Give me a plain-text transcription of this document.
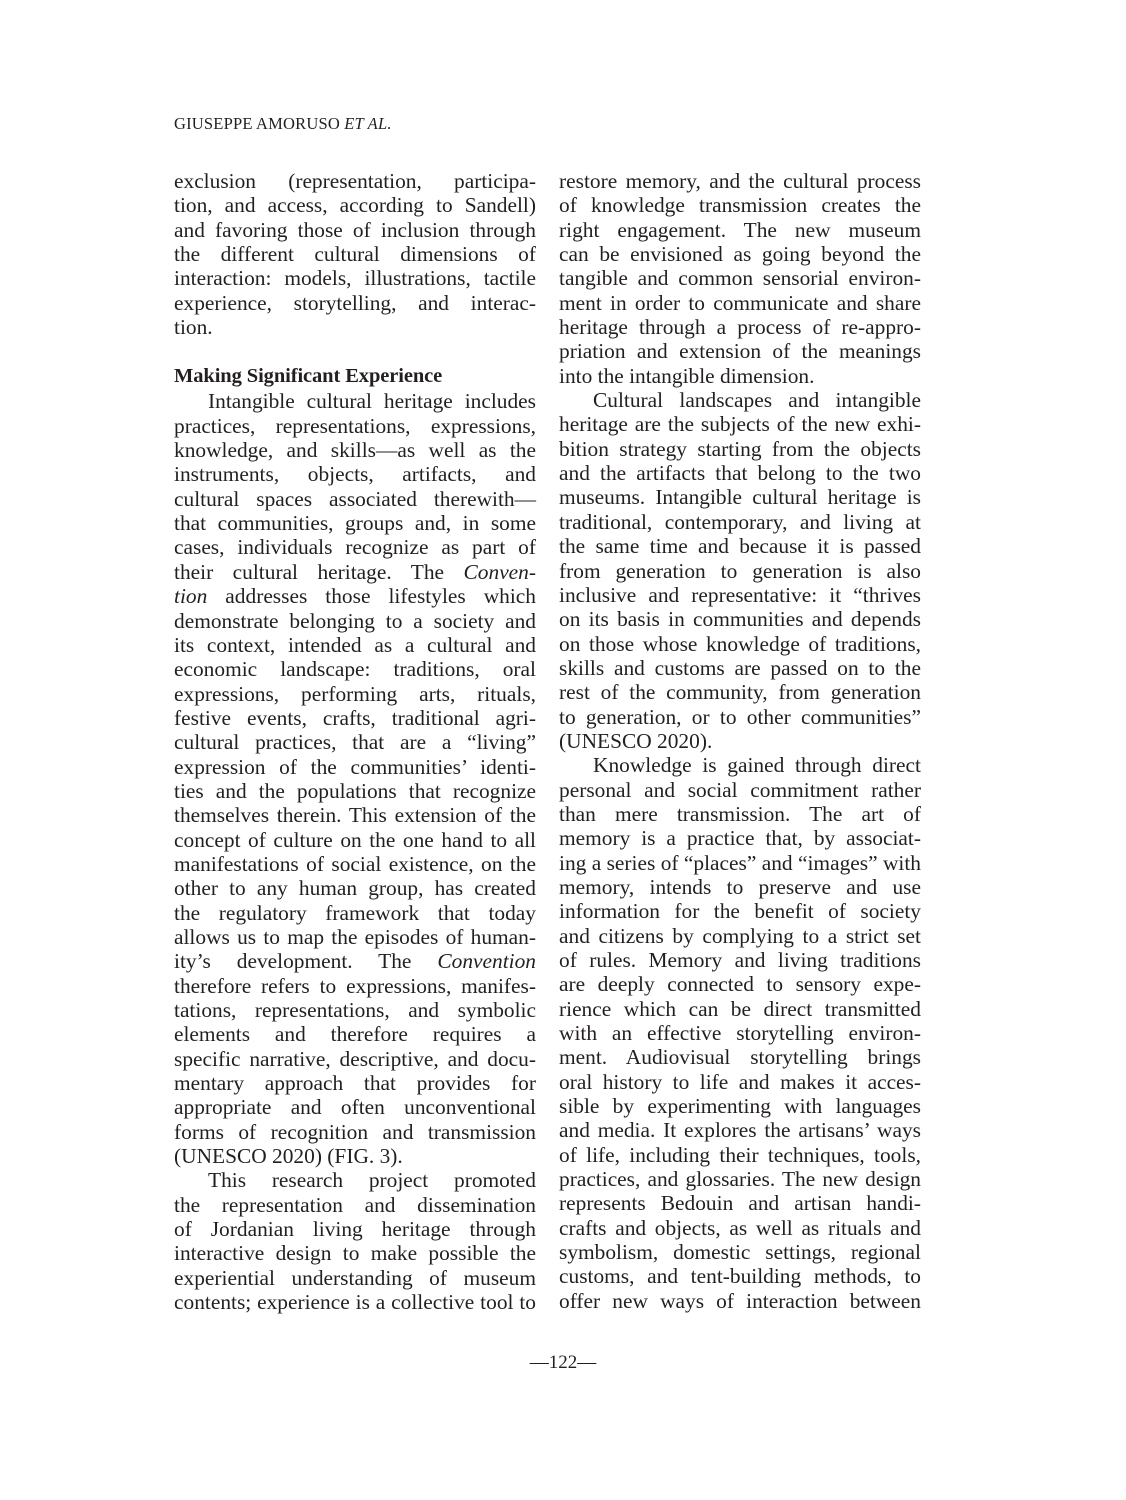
GIUSEPPE AMORUSO ET AL.
exclusion (representation, participa-
tion, and access, according to Sandell)
and favoring those of inclusion through
the different cultural dimensions of
interaction: models, illustrations, tactile
experience, storytelling, and interac-
tion.
Making Significant Experience
Intangible cultural heritage includes
practices, representations, expressions,
knowledge, and skills—as well as the
instruments, objects, artifacts, and
cultural spaces associated therewith—
that communities, groups and, in some
cases, individuals recognize as part of
their cultural heritage. The Conven-
tion addresses those lifestyles which
demonstrate belonging to a society and
its context, intended as a cultural and
economic landscape: traditions, oral
expressions, performing arts, rituals,
festive events, crafts, traditional agri-
cultural practices, that are a “living”
expression of the communities’ identi-
ties and the populations that recognize
themselves therein. This extension of the
concept of culture on the one hand to all
manifestations of social existence, on the
other to any human group, has created
the regulatory framework that today
allows us to map the episodes of human-
ity’s development. The Convention
therefore refers to expressions, manifes-
tations, representations, and symbolic
elements and therefore requires a
specific narrative, descriptive, and docu-
mentary approach that provides for
appropriate and often unconventional
forms of recognition and transmission
(UNESCO 2020) (FIG. 3).
This research project promoted
the representation and dissemination
of Jordanian living heritage through
interactive design to make possible the
experiential understanding of museum
contents; experience is a collective tool to
restore memory, and the cultural process
of knowledge transmission creates the
right engagement. The new museum
can be envisioned as going beyond the
tangible and common sensorial environ-
ment in order to communicate and share
heritage through a process of re-appro-
priation and extension of the meanings
into the intangible dimension.
Cultural landscapes and intangible
heritage are the subjects of the new exhi-
bition strategy starting from the objects
and the artifacts that belong to the two
museums. Intangible cultural heritage is
traditional, contemporary, and living at
the same time and because it is passed
from generation to generation is also
inclusive and representative: it “thrives
on its basis in communities and depends
on those whose knowledge of traditions,
skills and customs are passed on to the
rest of the community, from generation
to generation, or to other communities”
(UNESCO 2020).
Knowledge is gained through direct
personal and social commitment rather
than mere transmission. The art of
memory is a practice that, by associat-
ing a series of “places” and “images” with
memory, intends to preserve and use
information for the benefit of society
and citizens by complying to a strict set
of rules. Memory and living traditions
are deeply connected to sensory expe-
rience which can be direct transmitted
with an effective storytelling environ-
ment. Audiovisual storytelling brings
oral history to life and makes it acces-
sible by experimenting with languages
and media. It explores the artisans’ ways
of life, including their techniques, tools,
practices, and glossaries. The new design
represents Bedouin and artisan handi-
crafts and objects, as well as rituals and
symbolism, domestic settings, regional
customs, and tent-building methods, to
offer new ways of interaction between
—122—
